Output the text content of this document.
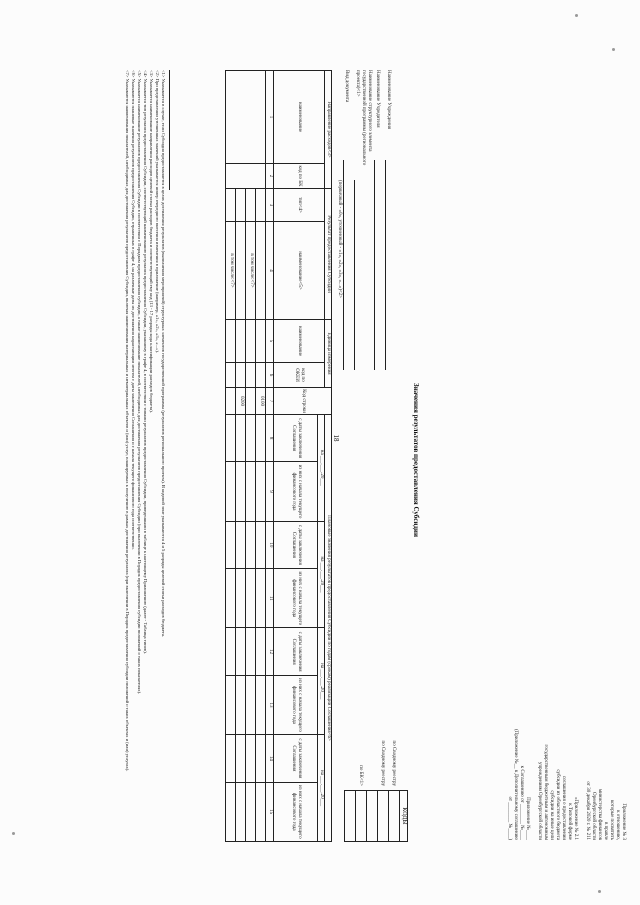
18
Приложение № 3
к отношению,
которые посвятить
в правле
министерства финансов
Оренбургской области
от 30 декабря 2020 г. № 211
«Приложение № 2.1
к Типовой форме
соглашения о предоставлении
субсидии из областного бюджета
субсидии на иные цели
государственным бюджетным и автономным
учреждениям Оренбургской области
Приложение №____
к Соглашению от ________ №____
(Приложение №__ к Дополнительному соглашению
от ________ №____)
КОДЫ

по Сводному реестру
по Сводному реестру
по БК<1>
Значения результатов предоставления Субсидии
Наименование Учреждения
Наименование Учредителя
Наименование структурного элемента государственной программы (регионального проекта)<1>
Вид документа
(первичный - «0», уточненный - «1», «2», «3», «...»)<2>
Направление расходов<3>		Результат предоставления Субсидии		Единица измерения		Код строки	Плановые значения результатов предоставления Субсидии по годам (срокам) реализации Соглашения<6>							
наименование	код по БК	тип<4>	наименование<5>	наименование	код по ОКЕИ		на ___.___.20___		на ___.___.20___		на ___.___.20___		на ___.___.20___	
							с даты заключения Соглашения	из них с начала текущего финансового года	с даты заключения Соглашения	из них с начала текущего финансового года	с даты заключения Соглашения	из них с начала текущего финансового года	с даты заключения Соглашения	из них с начала текущего финансового года
1	2	3	4	5	6	7	8	9	10	11	12	13	14	15
						0100								
			в том числе:<7>											
						0200								
			в том числе:<7>											
<1> Указывается в случае, если Субсидия предоставляется в целях достижения результатов (выполнения мероприятий) структурных элементов государственной программы (результатов регионального проекта). В кодовой зоне указываются 4 и 5 разряды целевой статьи расходов бюджета.
<2> При представлении уточненных значений указывается номер очередного внесения изменения в приложение (например, «1», «2», «3», «...»).
<3> Указывается наименование направления расходов целевой статьи расходов бюджета и соответствующий ему код (13 - 17 разряды кода классификации расходов бюджета).
<4> Указывается тип результата предоставления Субсидии, соответствующий наименованию результата предоставления Субсидии, указанному в графе 4, в соответствии с типами результатов предоставления Субсидии, приведенными в таблице к настоящему Приложению (далее - Таблица типов).
<5> Указывается наименование результатов предоставления Субсидии в соответствии с Порядком предоставления субсидии, а также наименование показателей, необходимых для достижения результатов предоставления Субсидии (при включении в Порядок предоставления субсидии положений о таких показателях).
<6> Указываются плановые значения результатов предоставления Субсидии, отраженных в графе 4, на различные даты их достижения нарастающим итогом с даты заключения Соглашения и с начала текущего финансового года соответственно.
<7> Указываются наименования показателей, необходимых для достижения результатов предоставления Субсидии, включая наименования материальных и нематериальных объектов и (или) услуг, планируемых к получению в рамках достижения результата (при включении в Порядок предоставления субсидии положений о таких объектах и (или) услугах).
